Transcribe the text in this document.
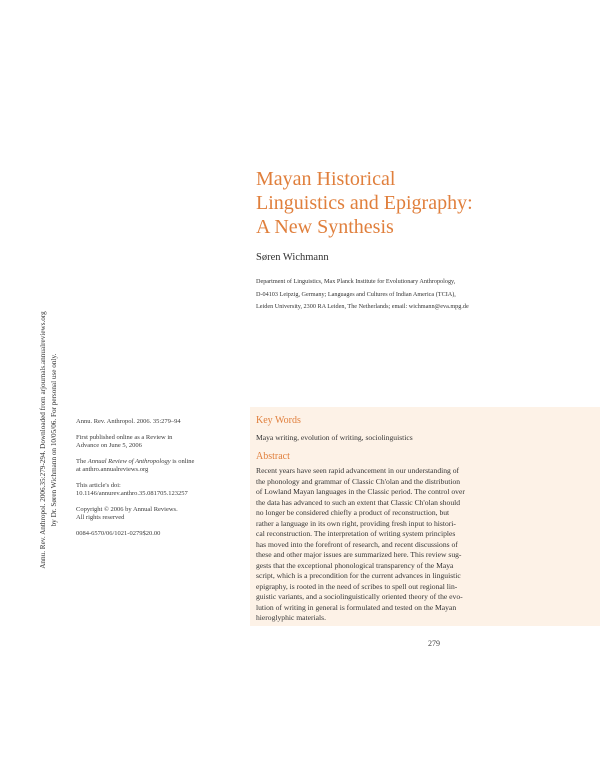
Annu. Rev. Anthropol. 2006.35:279-294. Downloaded from arjournals.annualreviews.org by Dr. Søren Wichmann on 10/05/06. For personal use only.
Mayan Historical
Linguistics and Epigraphy:
A New Synthesis
Søren Wichmann
Department of Linguistics, Max Planck Institute for Evolutionary Anthropology,
D-04103 Leipzig, Germany; Languages and Cultures of Indian America (TCIA),
Leiden University, 2300 RA Leiden, The Netherlands; email: wichmann@eva.mpg.de
Annu. Rev. Anthropol. 2006. 35:279–94
First published online as a Review in
Advance on June 5, 2006
The Annual Review of Anthropology is online
at anthro.annualreviews.org
This article's doi:
10.1146/annurev.anthro.35.081705.123257
Copyright © 2006 by Annual Reviews.
All rights reserved
0084-6570/06/1021-0279$20.00
Key Words
Maya writing, evolution of writing, sociolinguistics
Abstract
Recent years have seen rapid advancement in our understanding of
the phonology and grammar of Classic Ch'olan and the distribution
of Lowland Mayan languages in the Classic period. The control over
the data has advanced to such an extent that Classic Ch'olan should
no longer be considered chiefly a product of reconstruction, but
rather a language in its own right, providing fresh input to histori-
cal reconstruction. The interpretation of writing system principles
has moved into the forefront of research, and recent discussions of
these and other major issues are summarized here. This review sug-
gests that the exceptional phonological transparency of the Maya
script, which is a precondition for the current advances in linguistic
epigraphy, is rooted in the need of scribes to spell out regional lin-
guistic variants, and a sociolinguistically oriented theory of the evo-
lution of writing in general is formulated and tested on the Mayan
hieroglyphic materials.
279
